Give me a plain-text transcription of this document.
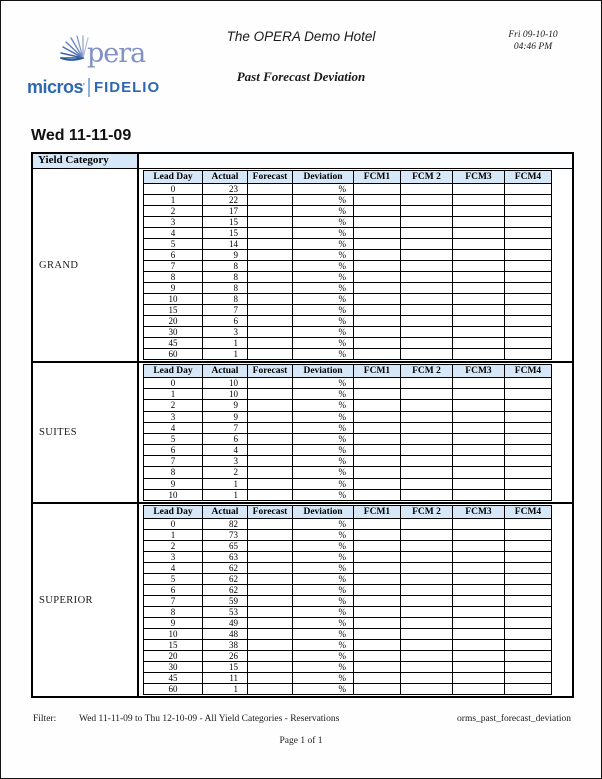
pera
micros ' FIDELIO
The OPERA Demo Hotel
Past Forecast Deviation
Fri 09-10-10
04:46 PM
Wed 11-11-09
Yield Category
GRAND
Lead Day	Actual	Forecast	Deviation	FCM1	FCM 2	FCM3	FCM4
0	23		%				
1	22		%				
2	17		%				
3	15		%				
4	15		%				
5	14		%				
6	9		%				
7	8		%				
8	8		%				
9	8		%				
10	8		%				
15	7		%				
20	6		%				
30	3		%				
45	1		%				
60	1		%				
SUITES
Lead Day	Actual	Forecast	Deviation	FCM1	FCM 2	FCM3	FCM4
0	10		%				
1	10		%				
2	9		%				
3	9		%				
4	7		%				
5	6		%				
6	4		%				
7	3		%				
8	2		%				
9	1		%				
10	1		%				
SUPERIOR
Lead Day	Actual	Forecast	Deviation	FCM1	FCM 2	FCM3	FCM4
0	82		%				
1	73		%				
2	65		%				
3	63		%				
4	62		%				
5	62		%				
6	62		%				
7	59		%				
8	53		%				
9	49		%				
10	48		%				
15	38		%				
20	26		%				
30	15		%				
45	11		%				
60	1		%				
Filter: Wed 11-11-09 to Thu 12-10-09 - All Yield Categories - Reservations	orms_past_forecast_deviation
Page 1 of 1
